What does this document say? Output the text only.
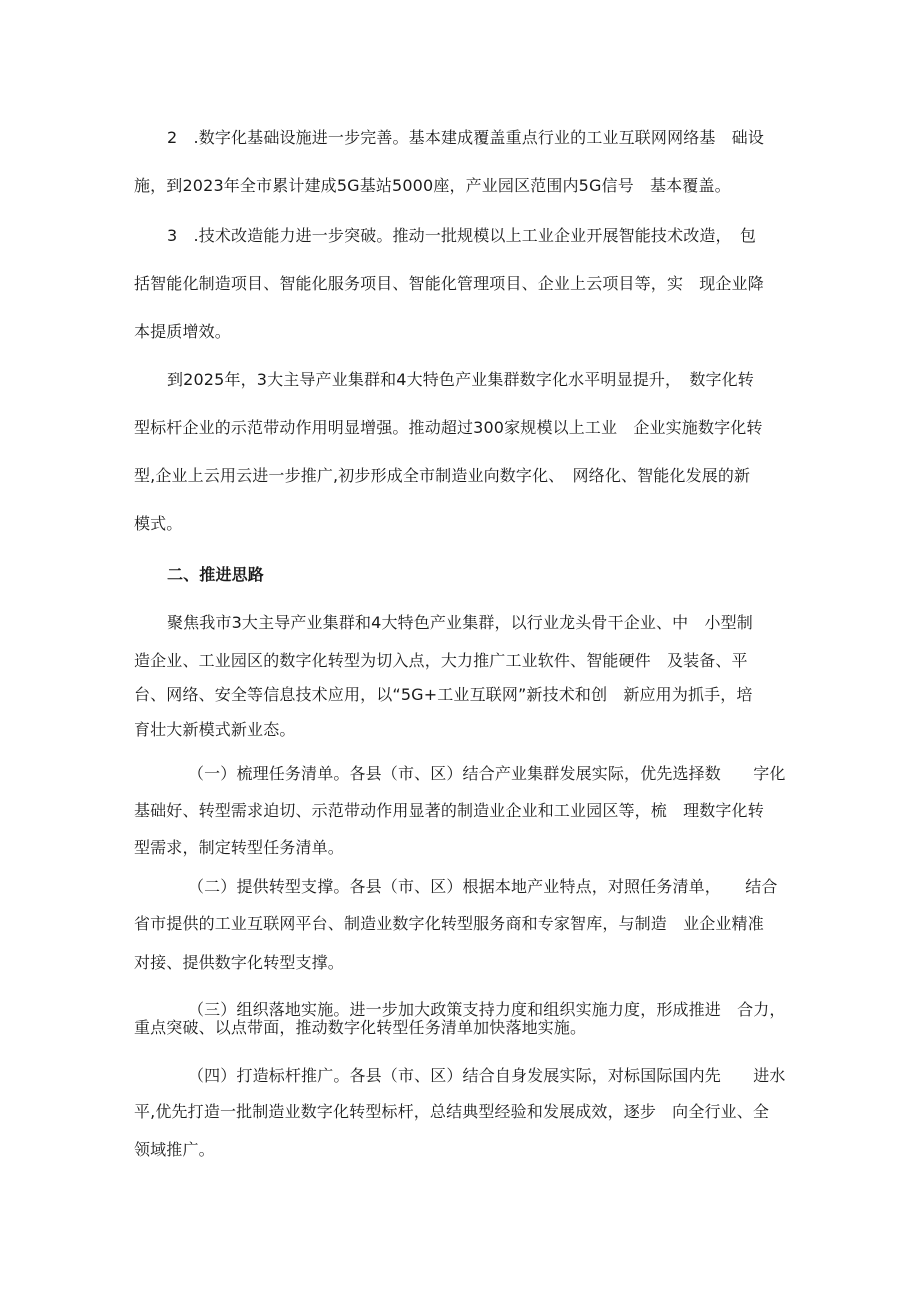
2　.数字化基础设施进一步完善。基本建成覆盖重点行业的工业互联网网络基　础设
施，到2023年全市累计建成5G基站5000座，产业园区范围内5G信号　基本覆盖。
3　.技术改造能力进一步突破。推动一批规模以上工业企业开展智能技术改造，　包
括智能化制造项目、智能化服务项目、智能化管理项目、企业上云项目等，实　现企业降
本提质增效。
到2025年，3大主导产业集群和4大特色产业集群数字化水平明显提升，　数字化转
型标杆企业的示范带动作用明显增强。推动超过300家规模以上工业　企业实施数字化转
型,企业上云用云进一步推广,初步形成全市制造业向数字化、　网络化、智能化发展的新
模式。
二、推进思路
聚焦我市3大主导产业集群和4大特色产业集群，以行业龙头骨干企业、中　小型制
造企业、工业园区的数字化转型为切入点，大力推广工业软件、智能硬件　及装备、平
台、网络、安全等信息技术应用，以“5G+工业互联网”新技术和创　新应用为抓手，培
育壮大新模式新业态。
（一）梳理任务清单。各县（市、区）结合产业集群发展实际，优先选择数　　字化
基础好、转型需求迫切、示范带动作用显著的制造业企业和工业园区等，梳　理数字化转
型需求，制定转型任务清单。
（二）提供转型支撑。各县（市、区）根据本地产业特点，对照任务清单，　　结合
省市提供的工业互联网平台、制造业数字化转型服务商和专家智库，与制造　业企业精准
对接、提供数字化转型支撑。
（三）组织落地实施。进一步加大政策支持力度和组织实施力度，形成推进　合力，
重点突破、以点带面，推动数字化转型任务清单加快落地实施。
（四）打造标杆推广。各县（市、区）结合自身发展实际，对标国际国内先　　进水
平,优先打造一批制造业数字化转型标杆，总结典型经验和发展成效，逐步　向全行业、全
领域推广。
